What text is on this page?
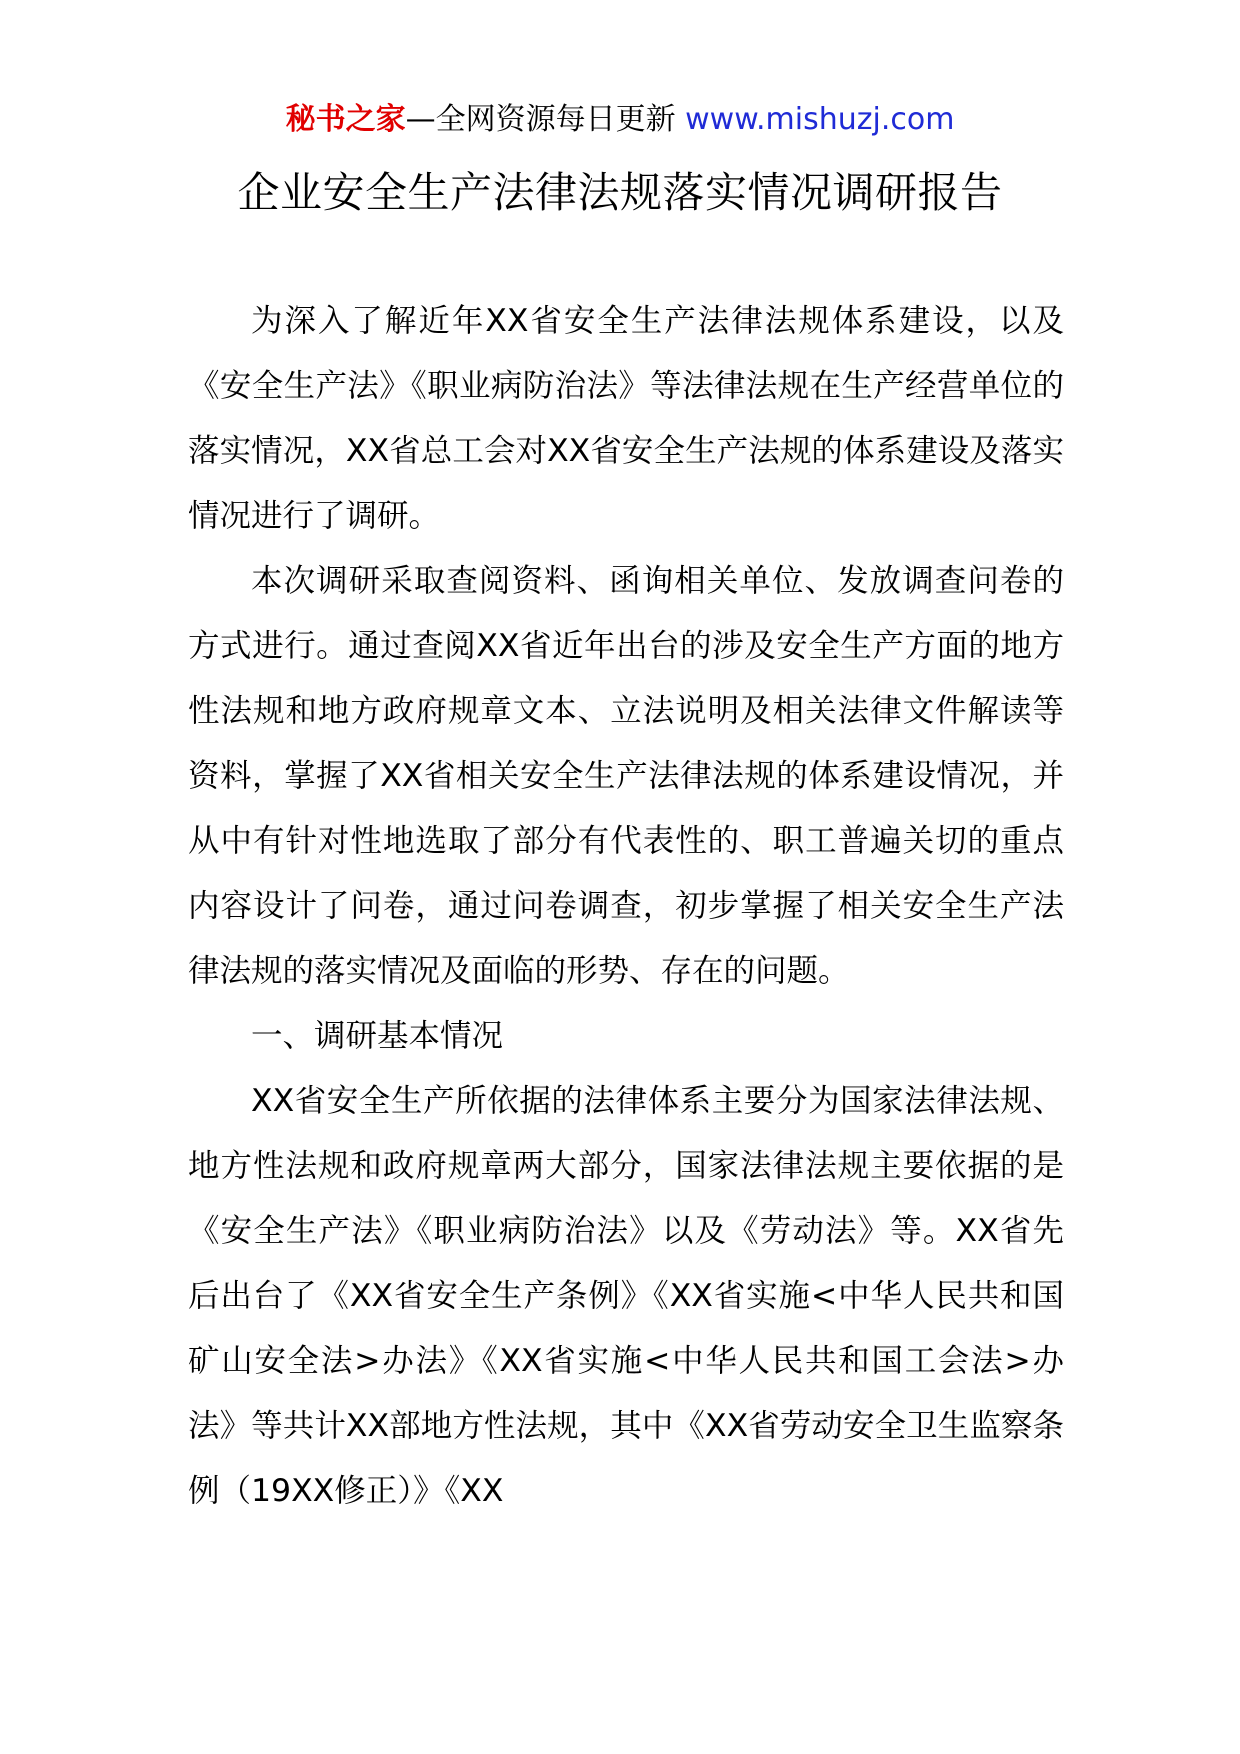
秘书之家—全网资源每日更新 www.mishuzj.com
企业安全生产法律法规落实情况调研报告

为深入了解近年XX省安全生产法律法规体系建设，以及《安全生产法》《职业病防治法》等法律法规在生产经营单位的落实情况，XX省总工会对XX省安全生产法规的体系建设及落实情况进行了调研。

本次调研采取查阅资料、函询相关单位、发放调查问卷的方式进行。通过查阅XX省近年出台的涉及安全生产方面的地方性法规和地方政府规章文本、立法说明及相关法律文件解读等资料，掌握了XX省相关安全生产法律法规的体系建设情况，并从中有针对性地选取了部分有代表性的、职工普遍关切的重点内容设计了问卷，通过问卷调查，初步掌握了相关安全生产法律法规的落实情况及面临的形势、存在的问题。

一、调研基本情况

XX省安全生产所依据的法律体系主要分为国家法律法规、地方性法规和政府规章两大部分，国家法律法规主要依据的是《安全生产法》《职业病防治法》以及《劳动法》等。XX省先后出台了《XX省安全生产条例》《XX省实施<中华人民共和国矿山安全法>办法》《XX省实施<中华人民共和国工会法>办法》等共计XX部地方性法规，其中《XX省劳动安全卫生监察条例（19XX修正）》《XX
